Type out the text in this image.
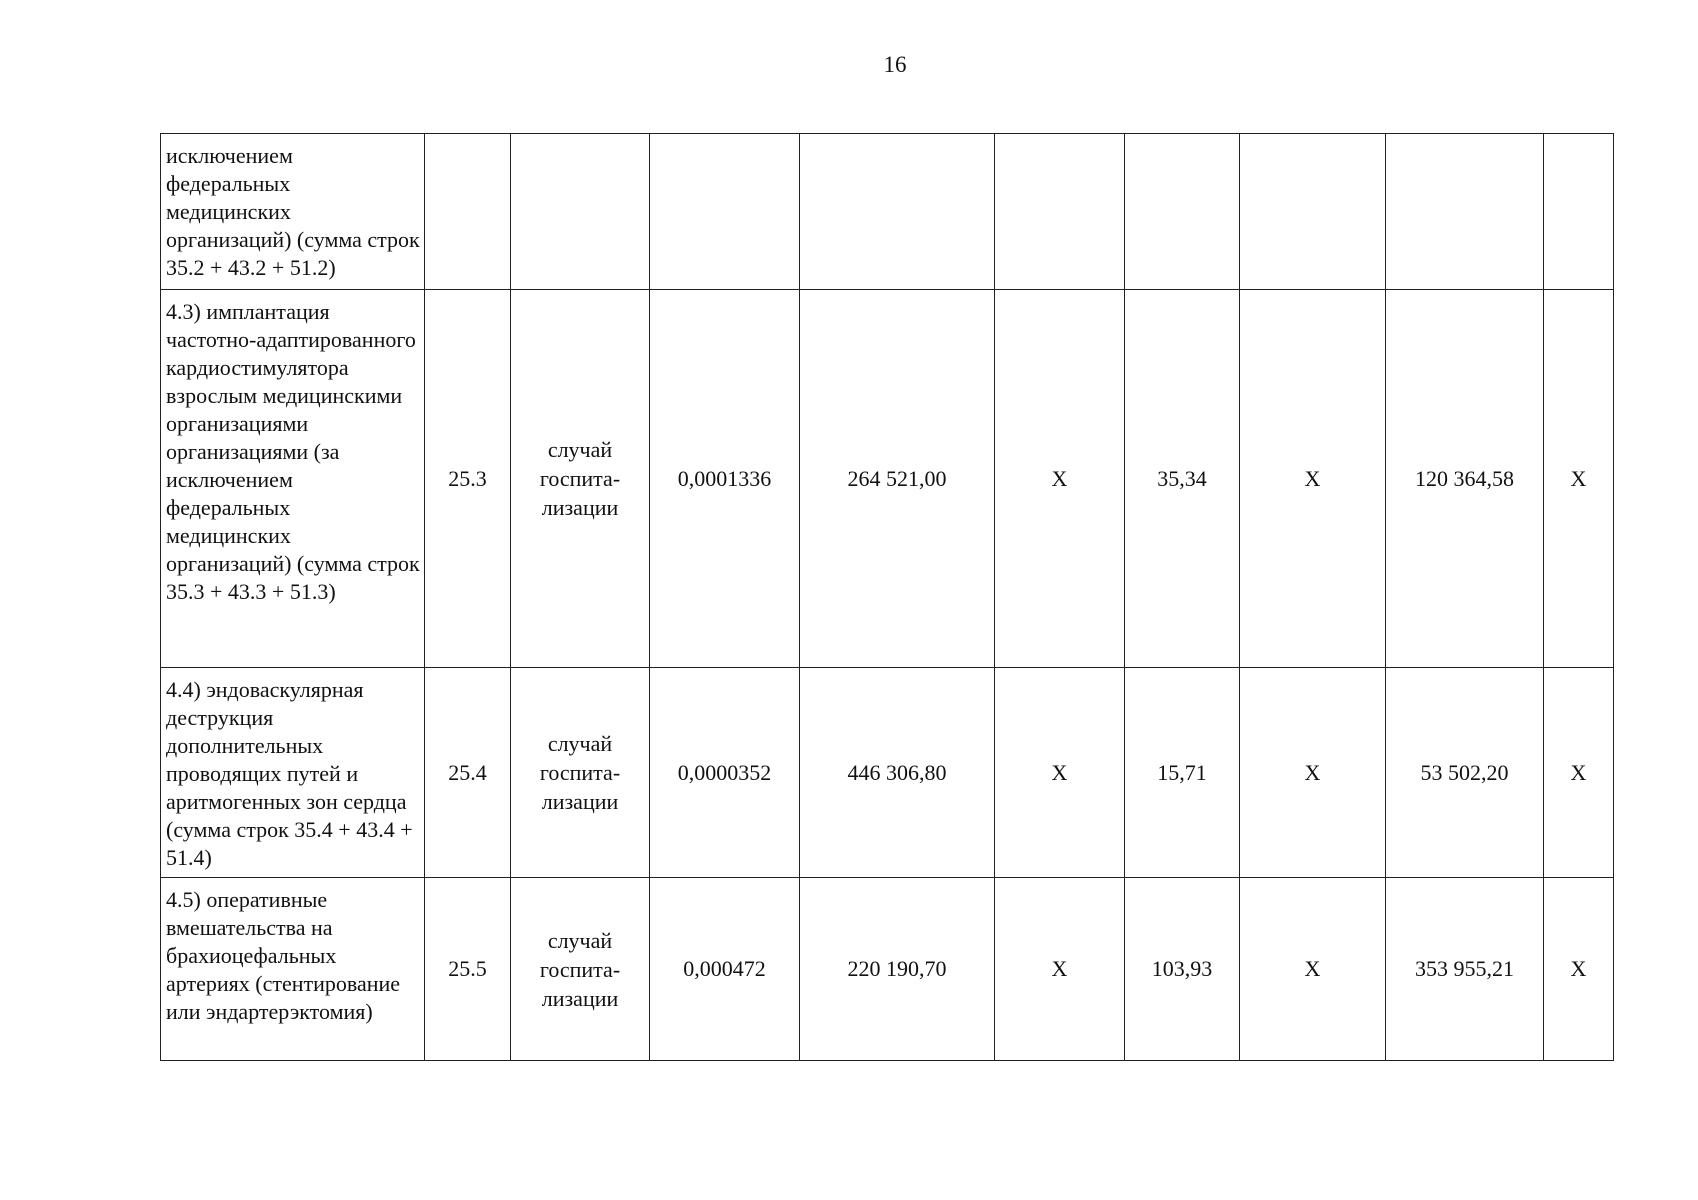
16
исключением федеральных медицинских организаций) (сумма строк 35.2 + 43.2 + 51.2)									
4.3) имплантация частотно-адаптированного кардиостимулятора взрослым медицинскими организациями организациями (за исключением федеральных медицинских организаций) (сумма строк 35.3 + 43.3 + 51.3)	25.3	случай госпита-лизации	0,0001336	264 521,00	Х	35,34	Х	120 364,58	Х
4.4) эндоваскулярная деструкция дополнительных проводящих путей и аритмогенных зон сердца (сумма строк 35.4 + 43.4 + 51.4)	25.4	случай госпита-лизации	0,0000352	446 306,80	Х	15,71	Х	53 502,20	Х
4.5) оперативные вмешательства на брахиоцефальных артериях (стентирование или эндартерэктомия)	25.5	случай госпита-лизации	0,000472	220 190,70	Х	103,93	Х	353 955,21	Х
